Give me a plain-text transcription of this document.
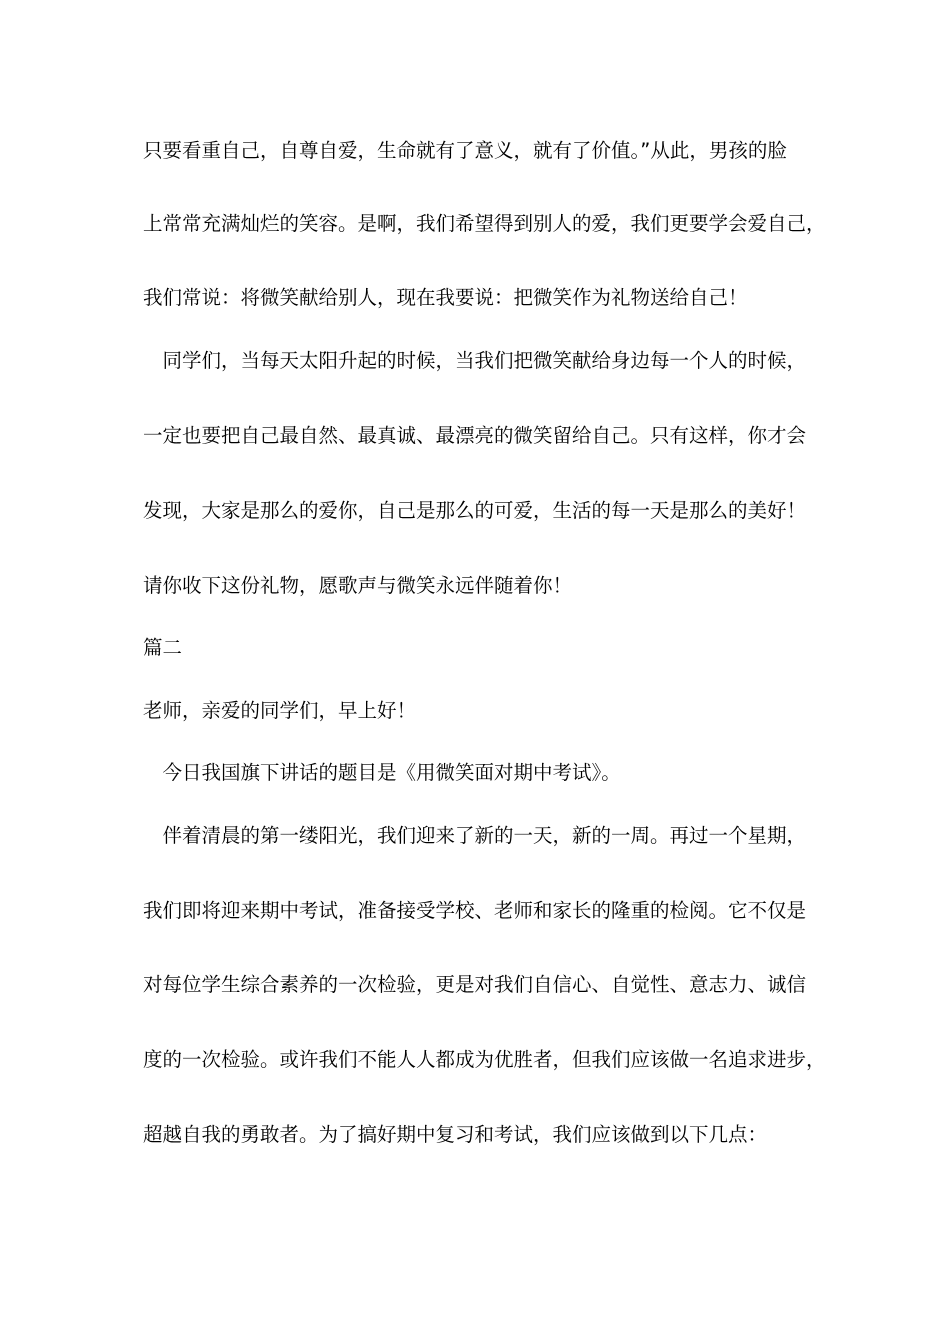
只要看重自己，自尊自爱，生命就有了意义，就有了价值。”从此，男孩的脸
上常常充满灿烂的笑容。是啊，我们希望得到别人的爱，我们更要学会爱自己，
我们常说：将微笑献给别人，现在我要说：把微笑作为礼物送给自己！
　同学们，当每天太阳升起的时候，当我们把微笑献给身边每一个人的时候，
一定也要把自己最自然、最真诚、最漂亮的微笑留给自己。只有这样，你才会
发现，大家是那么的爱你，自己是那么的可爱，生活的每一天是那么的美好！
请你收下这份礼物，愿歌声与微笑永远伴随着你！
篇二
老师，亲爱的同学们，早上好！
　今日我国旗下讲话的题目是《用微笑面对期中考试》。
　伴着清晨的第一缕阳光，我们迎来了新的一天，新的一周。再过一个星期，
我们即将迎来期中考试，准备接受学校、老师和家长的隆重的检阅。它不仅是
对每位学生综合素养的一次检验，更是对我们自信心、自觉性、意志力、诚信
度的一次检验。或许我们不能人人都成为优胜者，但我们应该做一名追求进步，
超越自我的勇敢者。为了搞好期中复习和考试，我们应该做到以下几点：
